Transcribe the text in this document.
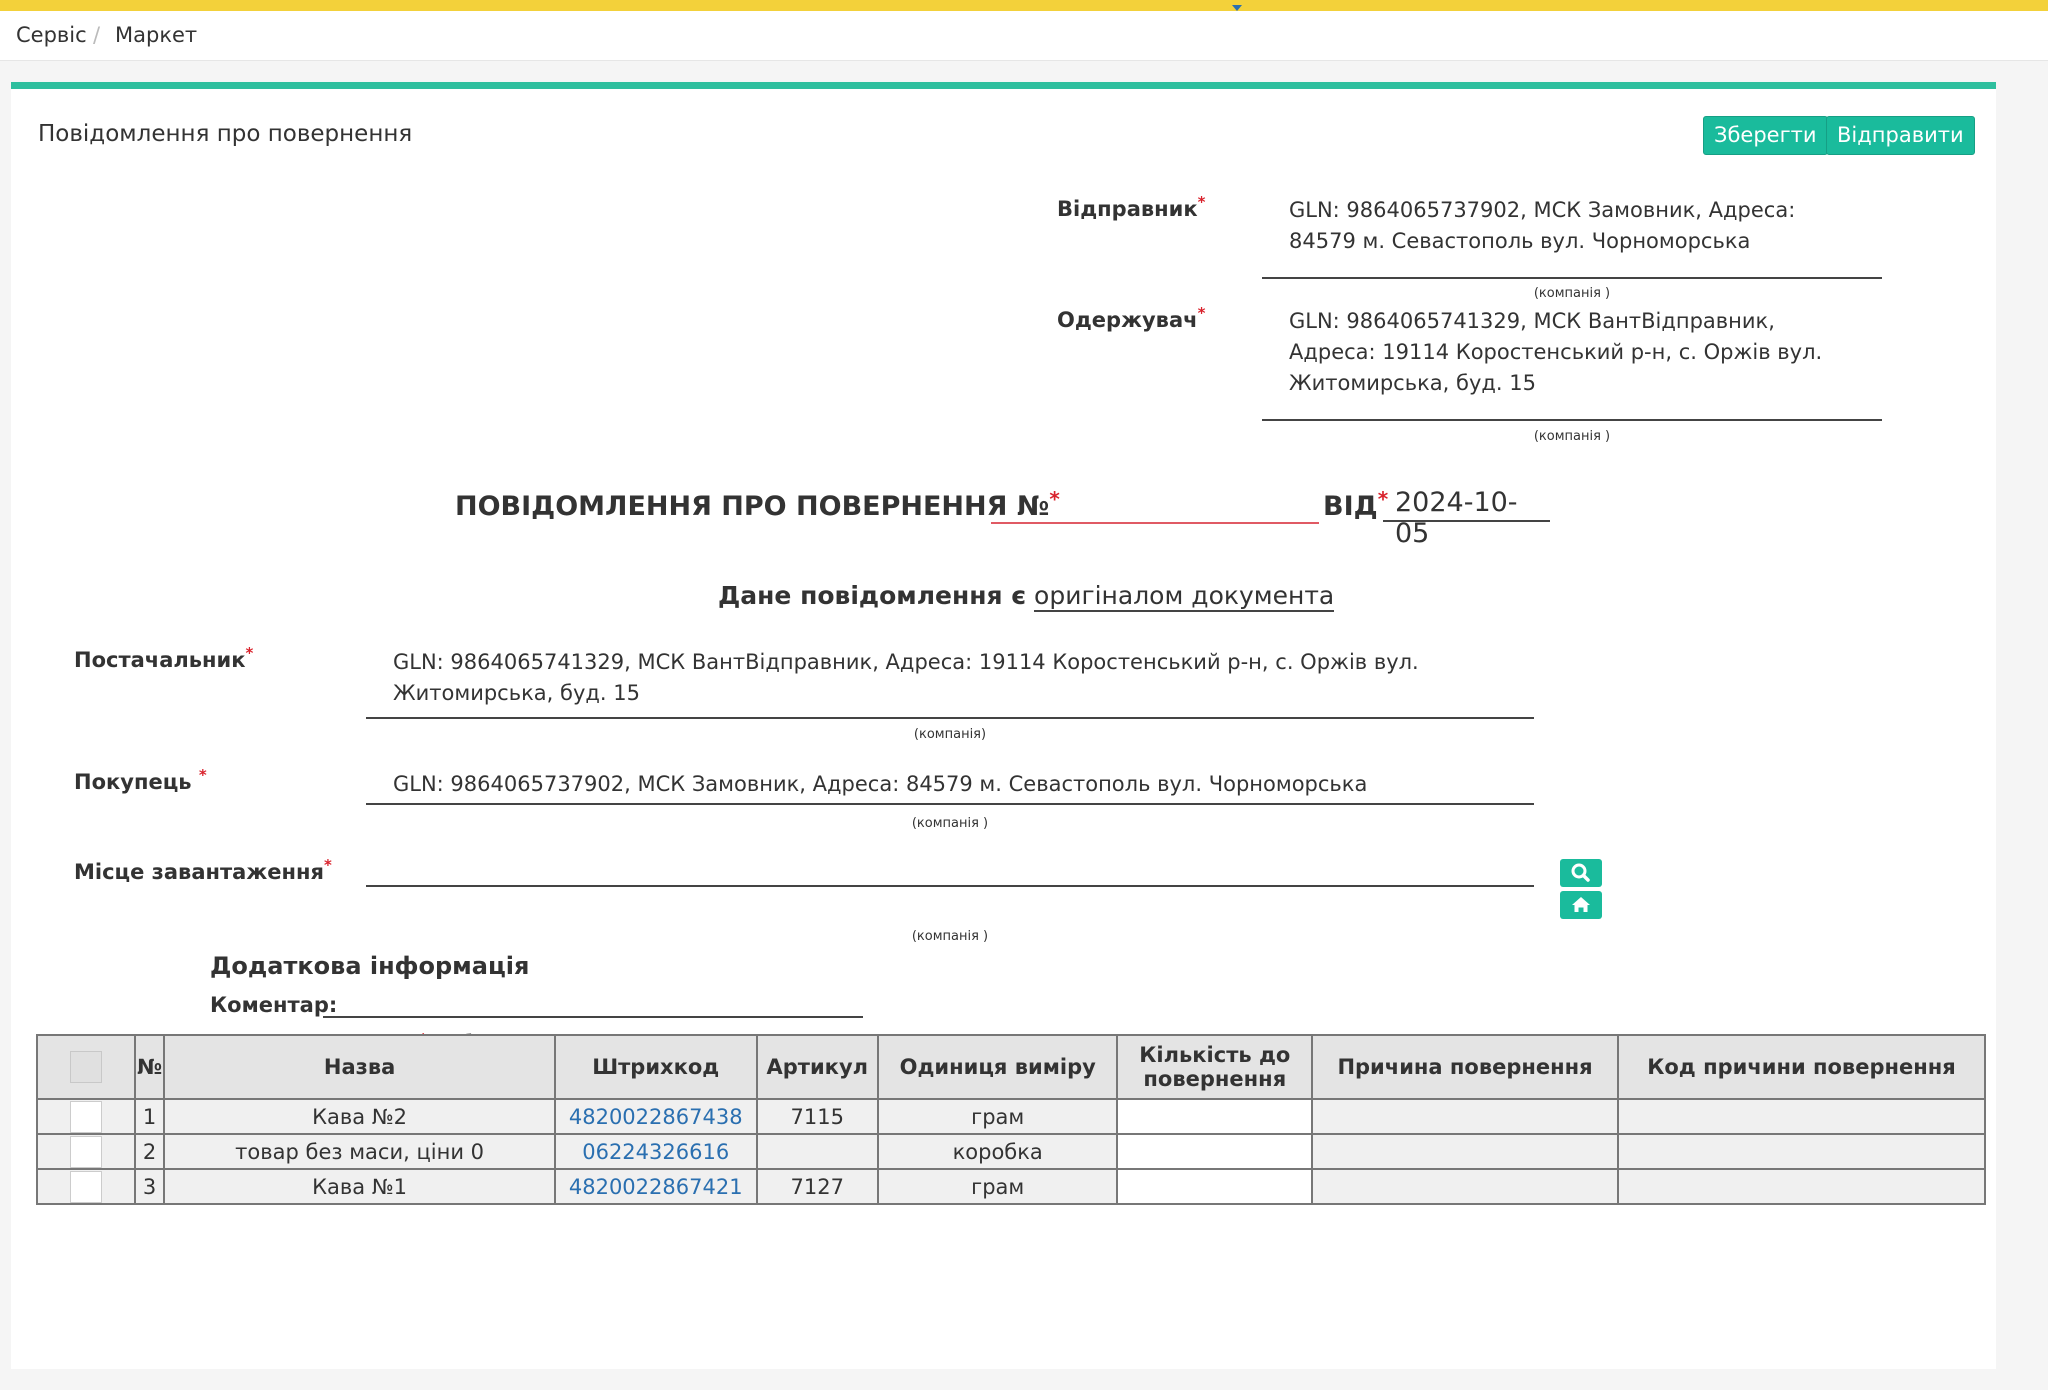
Сервіс / Маркет
Повідомлення про повернення	Зберегти Відправити
Відправник*	GLN: 9864065737902, МСК Замовник, Адреса:
84579 м. Севастополь вул. Чорноморська
(компанія )
Одержувач*	GLN: 9864065741329, МСК ВантВідправник,
Адреса: 19114 Коростенський р-н, с. Оржів вул.
Житомирська, буд. 15
(компанія )
ПОВІДОМЛЕННЯ ПРО ПОВЕРНЕННЯ №*	ВІД* 2024-10-05
Дане повідомлення є оригіналом документа
Постачальник*	GLN: 9864065741329, МСК ВантВідправник, Адреса: 19114 Коростенський р-н, с. Оржів вул.
Житомирська, буд. 15
(компанія)
Покупець *	GLN: 9864065737902, МСК Замовник, Адреса: 84579 м. Севастополь вул. Чорноморська
(компанія )
Місце завантаження*
(компанія )
Додаткова інформація
Коментар:
	№	Назва	Штрихкод	Артикул	Одиниця виміру	Кількість до повернення	Причина повернення	Код причини повернення
	1	Кава №2	4820022867438	7115	грам			
	2	товар без маси, ціни 0	06224326616		коробка			
	3	Кава №1	4820022867421	7127	грам			
